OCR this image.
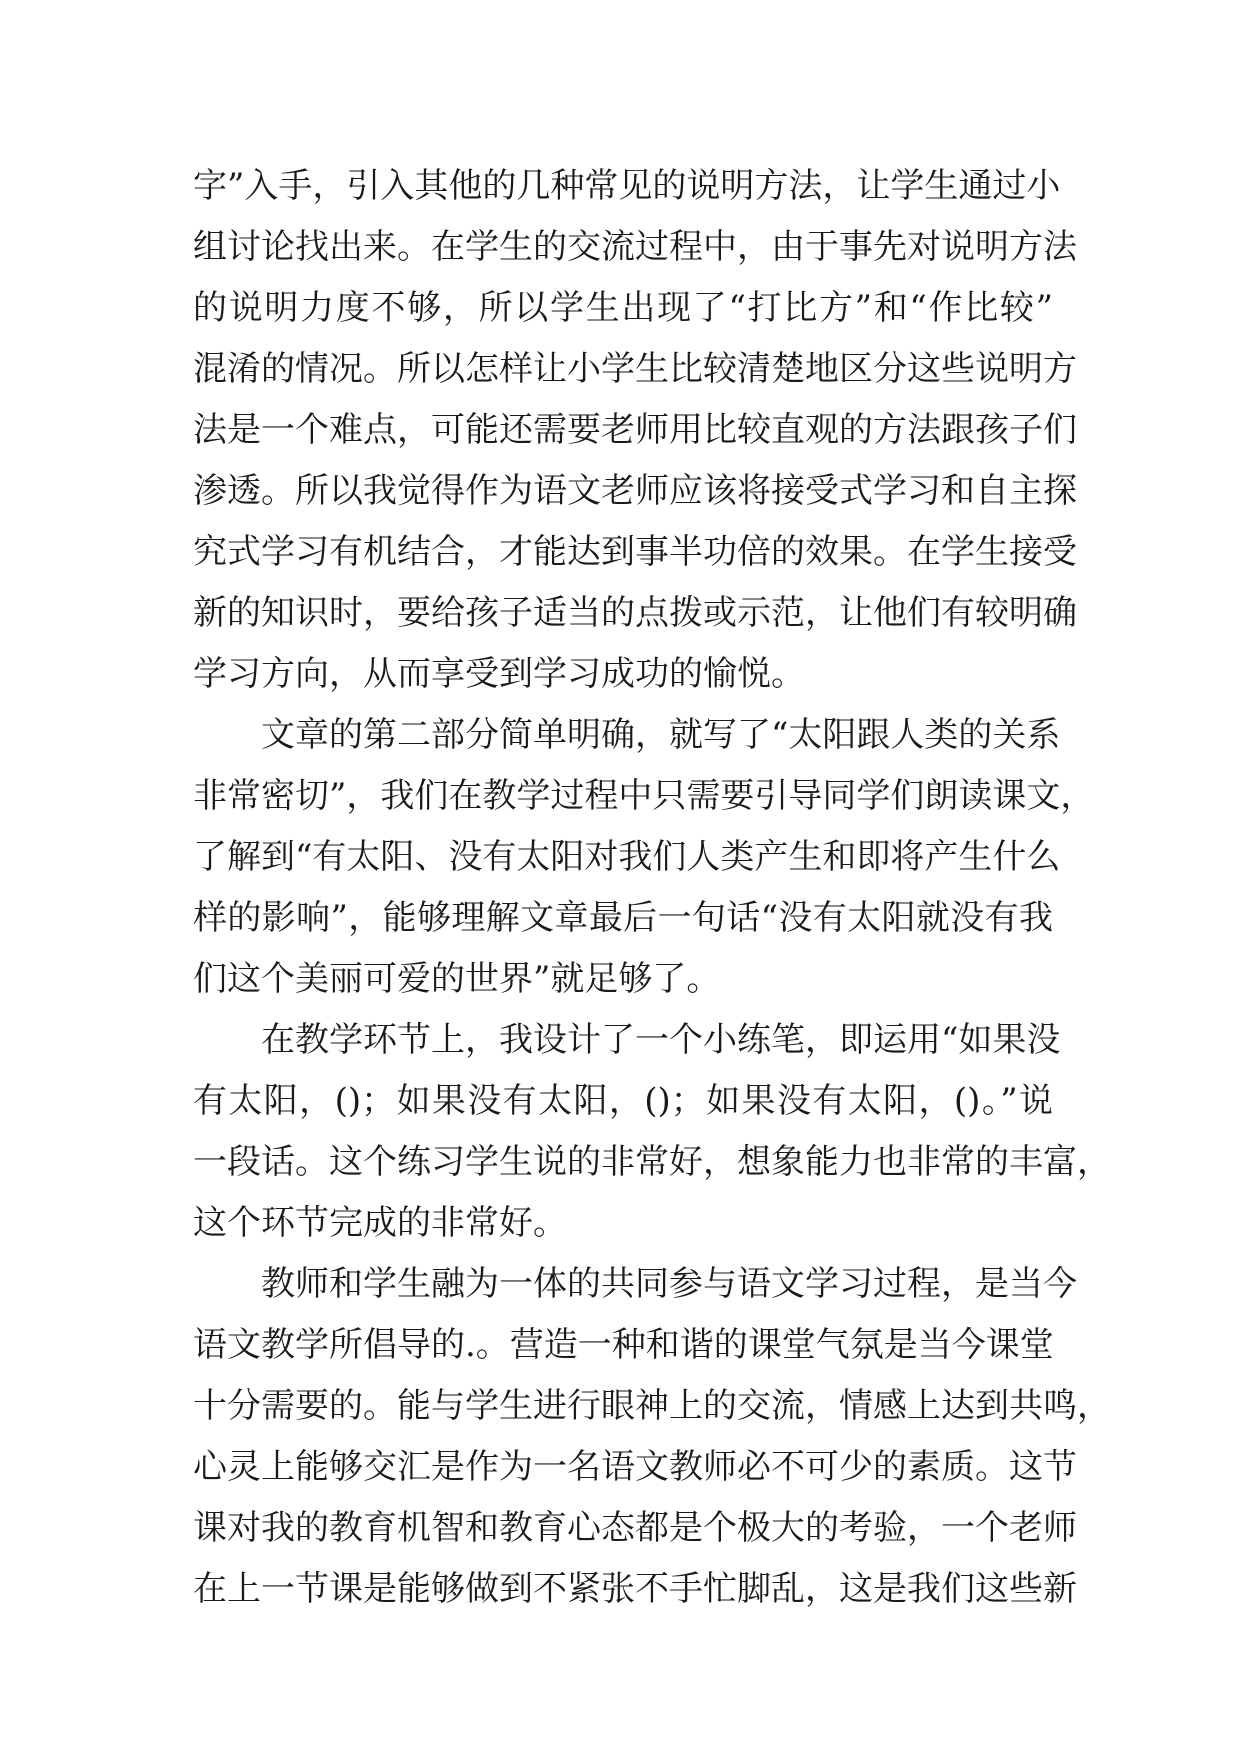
字”入手，引入其他的几种常见的说明方法，让学生通过小
组讨论找出来。在学生的交流过程中，由于事先对说明方法
的说明力度不够，所以学生出现了“打比方”和“作比较”
混淆的情况。所以怎样让小学生比较清楚地区分这些说明方
法是一个难点，可能还需要老师用比较直观的方法跟孩子们
渗透。所以我觉得作为语文老师应该将接受式学习和自主探
究式学习有机结合，才能达到事半功倍的效果。在学生接受
新的知识时，要给孩子适当的点拨或示范，让他们有较明确
学习方向，从而享受到学习成功的愉悦。
文章的第二部分简单明确，就写了“太阳跟人类的关系
非常密切”，我们在教学过程中只需要引导同学们朗读课文，
了解到“有太阳、没有太阳对我们人类产生和即将产生什么
样的影响”，能够理解文章最后一句话“没有太阳就没有我
们这个美丽可爱的世界”就足够了。
在教学环节上，我设计了一个小练笔，即运用“如果没
有太阳，()；如果没有太阳，()；如果没有太阳，()。”说
一段话。这个练习学生说的非常好，想象能力也非常的丰富，
这个环节完成的非常好。
教师和学生融为一体的共同参与语文学习过程，是当今
语文教学所倡导的.。营造一种和谐的课堂气氛是当今课堂
十分需要的。能与学生进行眼神上的交流，情感上达到共鸣，
心灵上能够交汇是作为一名语文教师必不可少的素质。这节
课对我的教育机智和教育心态都是个极大的考验，一个老师
在上一节课是能够做到不紧张不手忙脚乱，这是我们这些新
